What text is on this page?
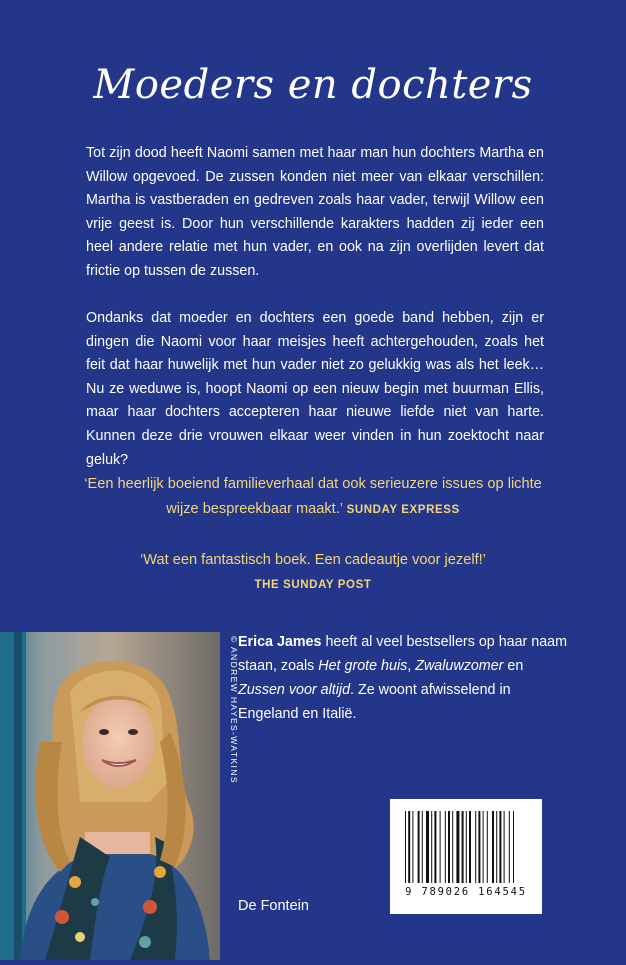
Moeders en dochters
Tot zijn dood heeft Naomi samen met haar man hun dochters Martha en Willow opgevoed. De zussen konden niet meer van elkaar verschillen: Martha is vastberaden en gedreven zoals haar vader, terwijl Willow een vrije geest is. Door hun verschillende karakters hadden zij ieder een heel andere relatie met hun vader, en ook na zijn overlijden levert dat frictie op tussen de zussen.
Ondanks dat moeder en dochters een goede band hebben, zijn er dingen die Naomi voor haar meisjes heeft achtergehouden, zoals het feit dat haar huwelijk met hun vader niet zo gelukkig was als het leek… Nu ze weduwe is, hoopt Naomi op een nieuw begin met buurman Ellis, maar haar dochters accepteren haar nieuwe liefde niet van harte. Kunnen deze drie vrouwen elkaar weer vinden in hun zoektocht naar geluk?
‘Een heerlijk boeiend familieverhaal dat ook serieuzere issues op lichte wijze bespreekbaar maakt.’ SUNDAY EXPRESS
‘Wat een fantastisch boek. Een cadeautje voor jezelf!’
THE SUNDAY POST
© ANDREW HAYES-WATKINS Erica James heeft al veel bestsellers op haar naam staan, zoals Het grote huis, Zwaluwzomer en Zussen voor altijd. Ze woont afwisselend in Engeland en Italië.
9 789026 164545
De Fontein
